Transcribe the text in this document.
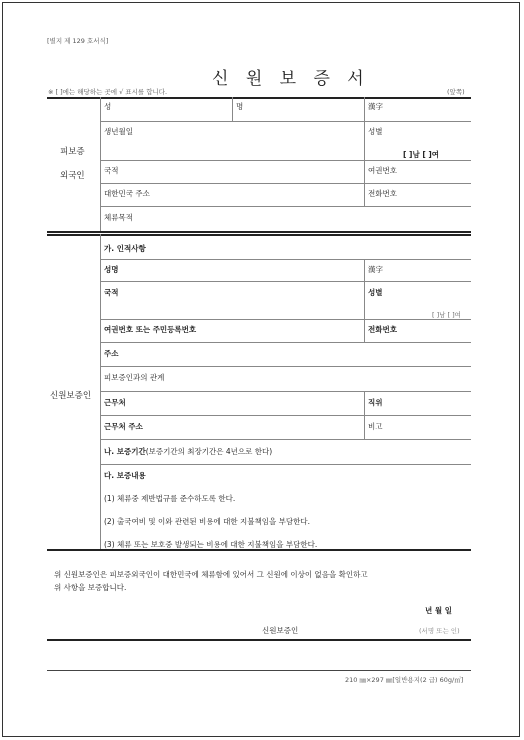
[별지 제 129 호서식]
신 원 보 증 서
※ [ ]에는 해당하는 곳에 √ 표시를 합니다.	(앞쪽)
피보증
외국인
성	명	漢字
생년월일	성별
[ ]남 [ ]여
국적	여권번호
대한민국 주소	전화번호
체류목적
신원보증인
가. 인적사항
성명	漢字
국적	성별
[ ]남 [ ]여
여권번호 또는 주민등록번호	전화번호
주소
피보증인과의 관계
근무처	직위
근무처 주소	비고
나. 보증기간(보증기간의 최장기간은 4년으로 한다)
다. 보증내용
(1) 체류중 제반법규를 준수하도록 한다.
(2) 출국여비 및 이와 관련된 비용에 대한 지불책임을 부담한다.
(3) 체류 또는 보호중 발생되는 비용에 대한 지불책임을 부담한다.
위 신원보증인은 피보증외국인이 대한민국에 체류함에 있어서 그 신원에 이상이 없음을 확인하고
위 사항을 보증합니다.
년 월 일
신원보증인	(서명 또는 인)
210 ㎜×297 ㎜[일반용지(2 급) 60g/㎡]
